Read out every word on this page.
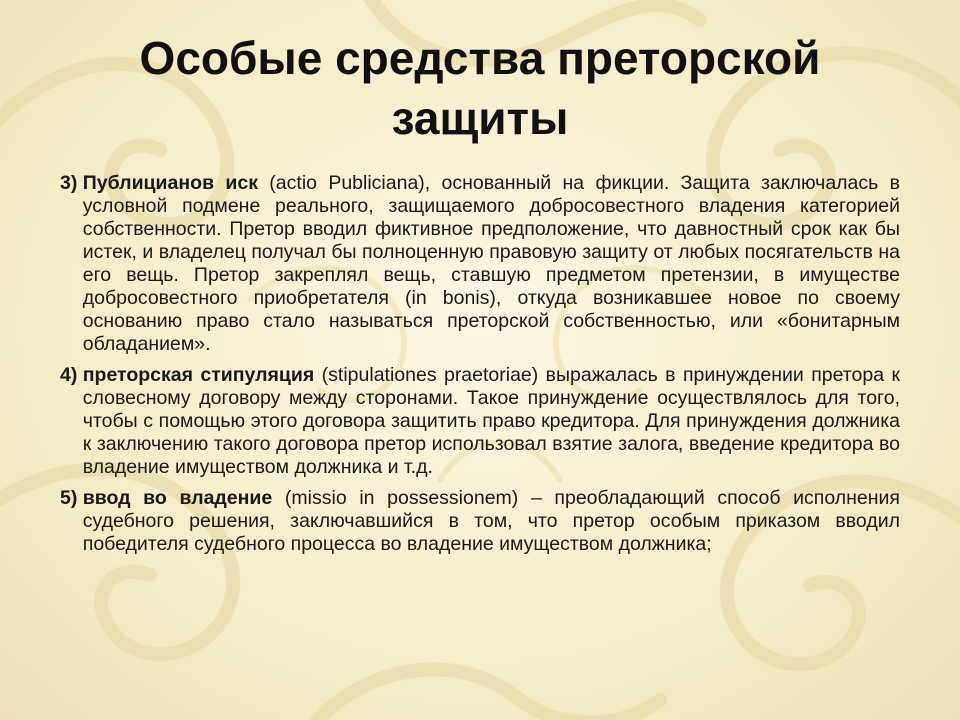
Особые средства преторской защиты
3) Публицианов иск (actio Publiciana), основанный на фикции. Защита заключалась в условной подмене реального, защищаемого добросовестного владения категорией собственности. Претор вводил фиктивное предположение, что давностный срок как бы истек, и владелец получал бы полноценную правовую защиту от любых посягательств на его вещь. Претор закреплял вещь, ставшую предметом претензии, в имуществе добросовестного приобретателя (in bonis), откуда возникавшее новое по своему основанию право стало называться преторской собственностью, или «бонитарным обладанием».
4) преторская стипуляция (stipulationes praetoriae) выражалась в принуждении претора к словесному договору между сторонами. Такое принуждение осуществлялось для того, чтобы с помощью этого договора защитить право кредитора. Для принуждения должника к заключению такого договора претор использовал взятие залога, введение кредитора во владение имуществом должника и т.д.
5) ввод во владение (missio in possessionem) – преобладающий способ исполнения судебного решения, заключавшийся в том, что претор особым приказом вводил победителя судебного процесса во владение имуществом должника;
